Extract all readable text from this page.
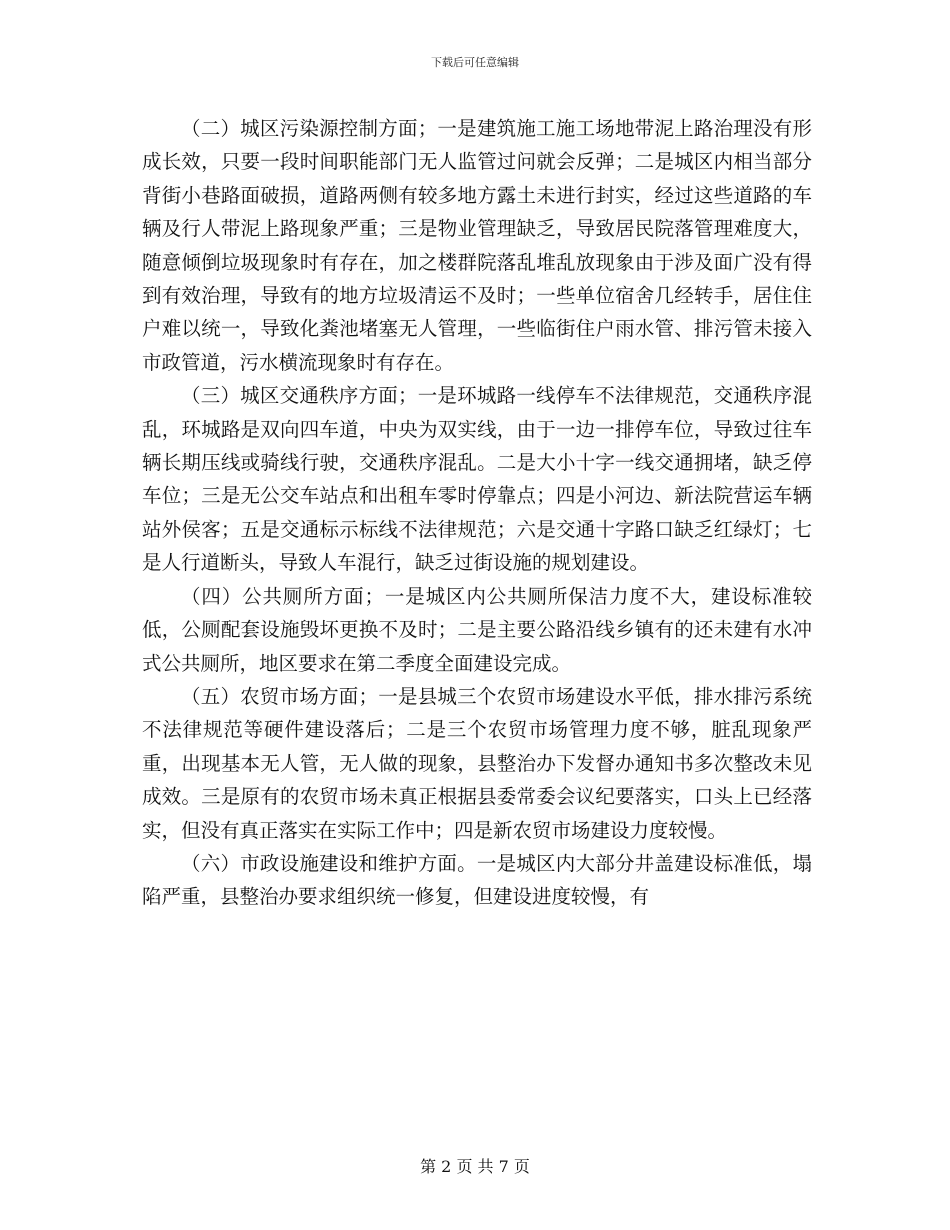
下载后可任意编辑

（二）城区污染源控制方面；一是建筑施工施工场地带泥上路治理没有形成长效，只要一段时间职能部门无人监管过问就会反弹；二是城区内相当部分背街小巷路面破损，道路两侧有较多地方露土未进行封实，经过这些道路的车辆及行人带泥上路现象严重；三是物业管理缺乏，导致居民院落管理难度大，随意倾倒垃圾现象时有存在，加之楼群院落乱堆乱放现象由于涉及面广没有得到有效治理，导致有的地方垃圾清运不及时；一些单位宿舍几经转手，居住住户难以统一，导致化粪池堵塞无人管理，一些临街住户雨水管、排污管未接入市政管道，污水横流现象时有存在。

（三）城区交通秩序方面；一是环城路一线停车不法律规范，交通秩序混乱，环城路是双向四车道，中央为双实线，由于一边一排停车位，导致过往车辆长期压线或骑线行驶，交通秩序混乱。二是大小十字一线交通拥堵，缺乏停车位；三是无公交车站点和出租车零时停靠点；四是小河边、新法院营运车辆站外侯客；五是交通标示标线不法律规范；六是交通十字路口缺乏红绿灯；七是人行道断头，导致人车混行，缺乏过街设施的规划建设。

（四）公共厕所方面；一是城区内公共厕所保洁力度不大，建设标准较低，公厕配套设施毁坏更换不及时；二是主要公路沿线乡镇有的还未建有水冲式公共厕所，地区要求在第二季度全面建设完成。

（五）农贸市场方面；一是县城三个农贸市场建设水平低，排水排污系统不法律规范等硬件建设落后；二是三个农贸市场管理力度不够，脏乱现象严重，出现基本无人管，无人做的现象，县整治办下发督办通知书多次整改未见成效。三是原有的农贸市场未真正根据县委常委会议纪要落实，口头上已经落实，但没有真正落实在实际工作中；四是新农贸市场建设力度较慢。

（六）市政设施建设和维护方面。一是城区内大部分井盖建设标准低，塌陷严重，县整治办要求组织统一修复，但建设进度较慢，有

第 2 页 共 7 页
